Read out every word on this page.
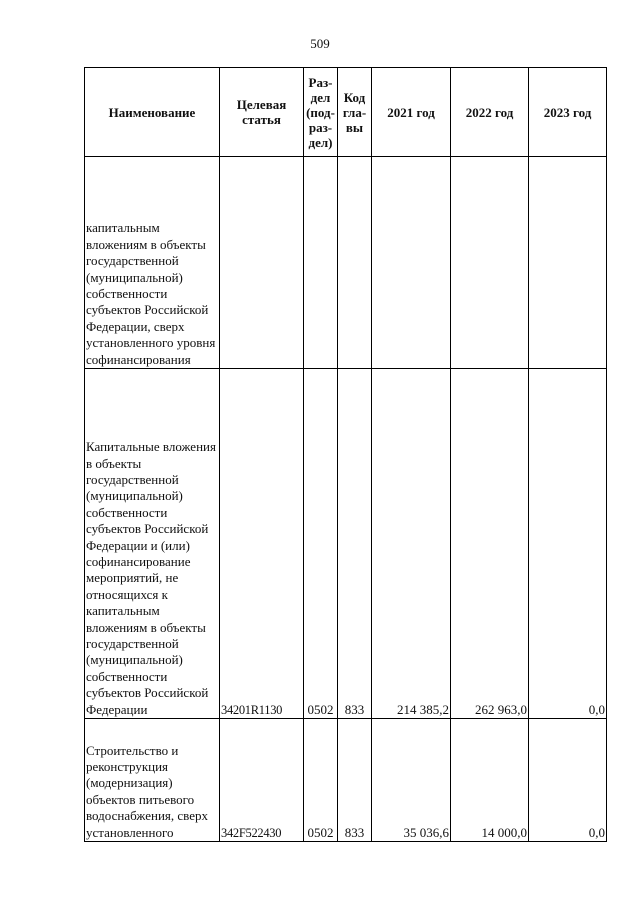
509
Наименование	Целевая статья	Раз-дел (под-раз-дел)	Код гла-вы	2021 год	2022 год	2023 год
капитальным вложениям в объекты государственной (муниципальной) собственности субъектов Российской Федерации, сверх установленного уровня софинансирования						
Капитальные вложения в объекты государственной (муниципальной) собственности субъектов Российской Федерации и (или) софинансирование мероприятий, не относящихся к капитальным вложениям в объекты государственной (муниципальной) собственности субъектов Российской Федерации	34201R1130	0502	833	214 385,2	262 963,0	0,0
Строительство и реконструкция (модернизация) объектов питьевого водоснабжения, сверх установленного	342F522430	0502	833	35 036,6	14 000,0	0,0
